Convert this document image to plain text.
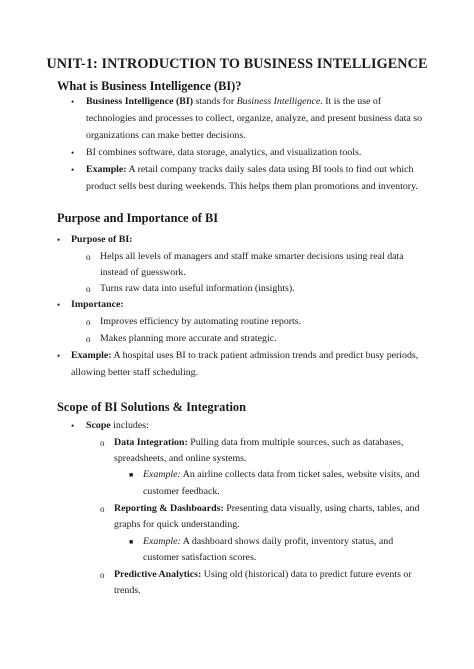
UNIT-1: INTRODUCTION TO BUSINESS INTELLIGENCE
What is Business Intelligence (BI)?
• Business Intelligence (BI) stands for Business Intelligence. It is the use of
technologies and processes to collect, organize, analyze, and present business data so
organizations can make better decisions.
• BI combines software, data storage, analytics, and visualization tools.
• Example: A retail company tracks daily sales data using BI tools to find out which
product sells best during weekends. This helps them plan promotions and inventory.
Purpose and Importance of BI
• Purpose of BI:
o Helps all levels of managers and staff make smarter decisions using real data
instead of guesswork.
o Turns raw data into useful information (insights).
• Importance:
o Improves efficiency by automating routine reports.
o Makes planning more accurate and strategic.
• Example: A hospital uses BI to track patient admission trends and predict busy periods,
allowing better staff scheduling.
Scope of BI Solutions & Integration
• Scope includes:
o Data Integration: Pulling data from multiple sources, such as databases,
spreadsheets, and online systems.
■ Example: An airline collects data from ticket sales, website visits, and
customer feedback.
o Reporting & Dashboards: Presenting data visually, using charts, tables, and
graphs for quick understanding.
■ Example: A dashboard shows daily profit, inventory status, and
customer satisfaction scores.
o Predictive Analytics: Using old (historical) data to predict future events or
trends.
